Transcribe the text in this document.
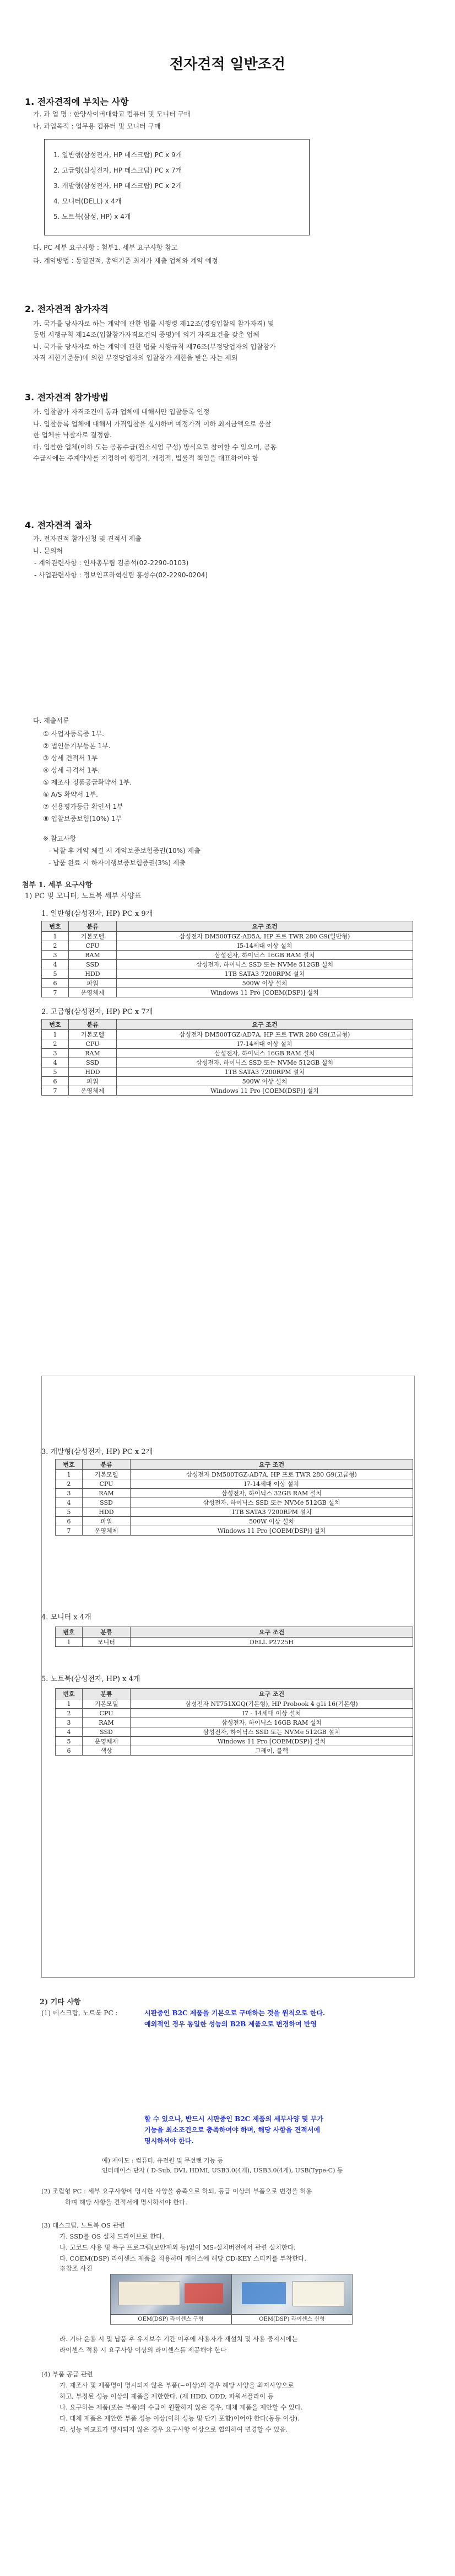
전자견적 일반조건
1. 전자견적에 부치는 사항
가. 과 업 명 : 한양사이버대학교 컴퓨터 및 모니터 구매
나. 과업목적 : 업무용 컴퓨터 및 모니터 구매
1. 일반형(삼성전자, HP 데스크탑) PC x 9개
2. 고급형(삼성전자, HP 데스크탑) PC x 7개
3. 개발형(삼성전자, HP 데스크탑) PC x 2개
4. 모니터(DELL) x 4개
5. 노트북(삼성, HP) x 4개
다. PC 세부 요구사항 : 첨부1. 세부 요구사항 참고
라. 계약방법 : 동일견적, 총액기준 최저가 제출 업체와 계약 예정
2. 전자견적 참가자격
가. 국가를 당사자로 하는 계약에 관한 법률 시행령 제12조(경쟁입찰의 참가자격) 및
동법 시행규칙 제14조(입찰참가자격요건의 증명)에 의거 자격요건을 갖춘 업체
나. 국가를 당사자로 하는 계약에 관한 법률 시행규칙 제76조(부정당업자의 입찰참가
자격 제한기준등)에 의한 부정당업자의 입찰참가 제한을 받은 자는 제외
3. 전자견적 참가방법
가. 입찰참가 자격조건에 통과 업체에 대해서만 입찰등록 인정
나. 입찰등록 업체에 대해서 가격입찰을 실시하며 예정가격 이하 최저금액으로 응찰
한 업체를 낙찰자로 결정함.
다. 입찰한 업체(이하 도는 공동수급(컨소시엄 구성) 방식으로 참여할 수 있으며, 공동
수급시에는 주계약사를 지정하여 행정적, 재정적, 법률적 책임을 대표하여야 함
4. 전자견적 절차
가. 전자견적 참가신청 및 견적서 제출
나. 문의처
- 계약관련사항 : 인사총무팀 김종석(02-2290-0103)
- 사업관련사항 : 정보인프라혁신팀 홍성수(02-2290-0204)
다. 제출서류
① 사업자등록증 1부.
② 법인등기부등본 1부.
③ 상세 견적서 1부
④ 상세 규격서 1부.
⑤ 제조사 정품공급확약서 1부.
⑥ A/S 확약서 1부.
⑦ 신용평가등급 확인서 1부
⑧ 입찰보증보험(10%) 1부
※ 참고사항
- 낙찰 후 계약 체결 시 계약보증보험증권(10%) 제출
- 납품 완료 시 하자이행보증보험증권(3%) 제출
첨부 1. 세부 요구사항
1) PC 및 모니터, 노트북 세부 사양표
1. 일반형(삼성전자, HP) PC x 9개
번호	분류	요구 조건
1	기본모델	삼성전자 DM500TGZ-AD5A, HP 프로 TWR 280 G9(일반형)
2	CPU	I5-14세대 이상 설치
3	RAM	삼성전자, 하이닉스 16GB RAM 설치
4	SSD	삼성전자, 하이닉스 SSD 또는 NVMe 512GB 설치
5	HDD	1TB SATA3 7200RPM 설치
6	파워	500W 이상 설치
7	운영체제	Windows 11 Pro [COEM(DSP)] 설치
2. 고급형(삼성전자, HP) PC x 7개
번호	분류	요구 조건
1	기본모델	삼성전자 DM500TGZ-AD7A, HP 프로 TWR 280 G9(고급형)
2	CPU	I7-14세대 이상 설치
3	RAM	삼성전자, 하이닉스 16GB RAM 설치
4	SSD	삼성전자, 하이닉스 SSD 또는 NVMe 512GB 설치
5	HDD	1TB SATA3 7200RPM 설치
6	파워	500W 이상 설치
7	운영체제	Windows 11 Pro [COEM(DSP)] 설치
3. 개발형(삼성전자, HP) PC x 2개
번호	분류	요구 조건
1	기본모델	삼성전자 DM500TGZ-AD7A, HP 프로 TWR 280 G9(고급형)
2	CPU	I7-14세대 이상 설치
3	RAM	삼성전자, 하이닉스 32GB RAM 설치
4	SSD	삼성전자, 하이닉스 SSD 또는 NVMe 512GB 설치
5	HDD	1TB SATA3 7200RPM 설치
6	파워	500W 이상 설치
7	운영체제	Windows 11 Pro [COEM(DSP)] 설치
4. 모니터 x 4개
번호	분류	요구 조건
1	모니터	DELL P2725H
5. 노트북(삼성전자, HP) x 4개
번호	분류	요구 조건
1	기본모델	삼성전자 NT751XGQ(기본형), HP Probook 4 g1i 16(기본형)
2	CPU	I7 - 14세대 이상 설치
3	RAM	삼성전자, 하이닉스 16GB RAM 설치
4	SSD	삼성전자, 하이닉스 SSD 또는 NVMe 512GB 설치
5	운영체제	Windows 11 Pro [COEM(DSP)] 설치
6	색상	그레이, 블랙
2) 기타 사항
(1) 데스크탑, 노트북 PC :	시판중인 B2C 제품을 기본으로 구매하는 것을 원칙으로 한다.
예외적인 경우 동일한 성능의 B2B 제품으로 변경하여 반영
할 수 있으나, 반드시 시판중인 B2C 제품의 세부사양 및 부가
기능을 최소조건으로 충족하여야 하며, 해당 사항을 견적서에
명시하셔야 한다.
예) 제어도 : 컴퓨터, 유전원 및 무선랜 기능 등
인터페이스 단자 ( D-Sub, DVI, HDMI, USB3.0(4개), USB3.0(4개), USB(Type-C) 등
(2) 조립형 PC : 세부 요구사항에 명시한 사양을 충족으로 하되, 등급 이상의 부품으로 변경을 허용
하며 해당 사항을 견적서에 명시하셔야 한다.
(3) 데스크탑, 노트북 OS 관련
가. SSD를 OS 설치 드라이브로 한다.
나. 고코드 사용 및 특구 프로그램(보안제외 등)없이 MS-설치버전에서 관련 설치한다.
다. COEM(DSP) 라이센스 제품을 적용하며 케이스에 해당 CD-KEY 스티커를 부착한다.
※참조 사진
OEM(DSP) 라이센스 구형	OEM(DSP) 라이센스 신형
라. 기타 운용 시 및 납품 후 유지보수 기간 이후에 사용자가 재설치 및 사용 중지시에는
라이센스 적용 시 요구사항 이상의 라이센스를 제공해야 한다
(4) 부품 공급 관련
가. 제조사 및 제품명이 명시되지 않은 부품(~이상)의 경우 해당 사양을 최저사양으로
하고, 부정된 성능 이상의 제품을 제한한다. (제 HDD, ODD, 파워서플라이 등
나. 요구하는 제품(또는 부품)의 수급이 원활하지 않은 경우, 대체 제품을 제안할 수 있다.
다. 대체 제품은 제안한 부품 성능 이상(이하 성능 및 단가 포함)이어야 한다(동등 이상).
라. 성능 비교표가 명시되지 않은 경우 요구사항 이상으로 협의하여 변경할 수 있음.
